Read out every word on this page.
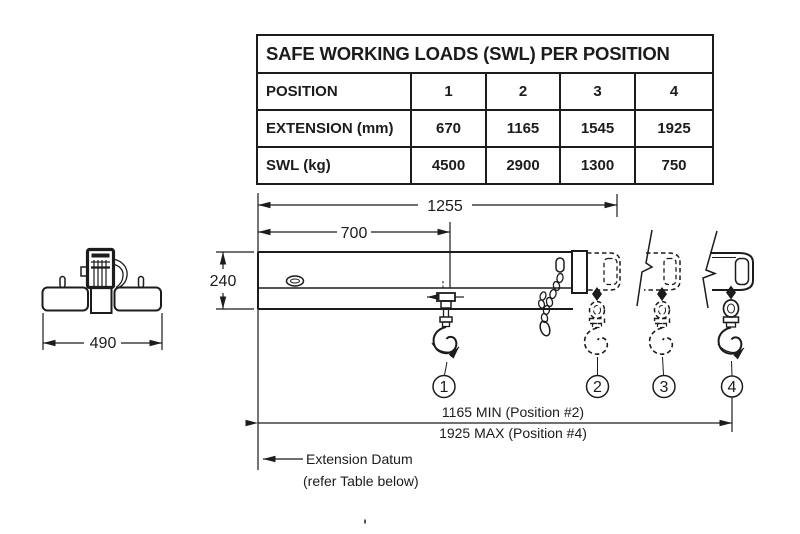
SAFE WORKING LOADS (SWL) PER POSITION				
POSITION	1	2	3	4
EXTENSION (mm)	670	1165	1545	1925
SWL (kg)	4500	2900	1300	750
490
240
1	2	3	4
1255
700
1165 MIN (Position #2)
1925 MAX (Position #4)
Extension Datum
(refer Table below)
